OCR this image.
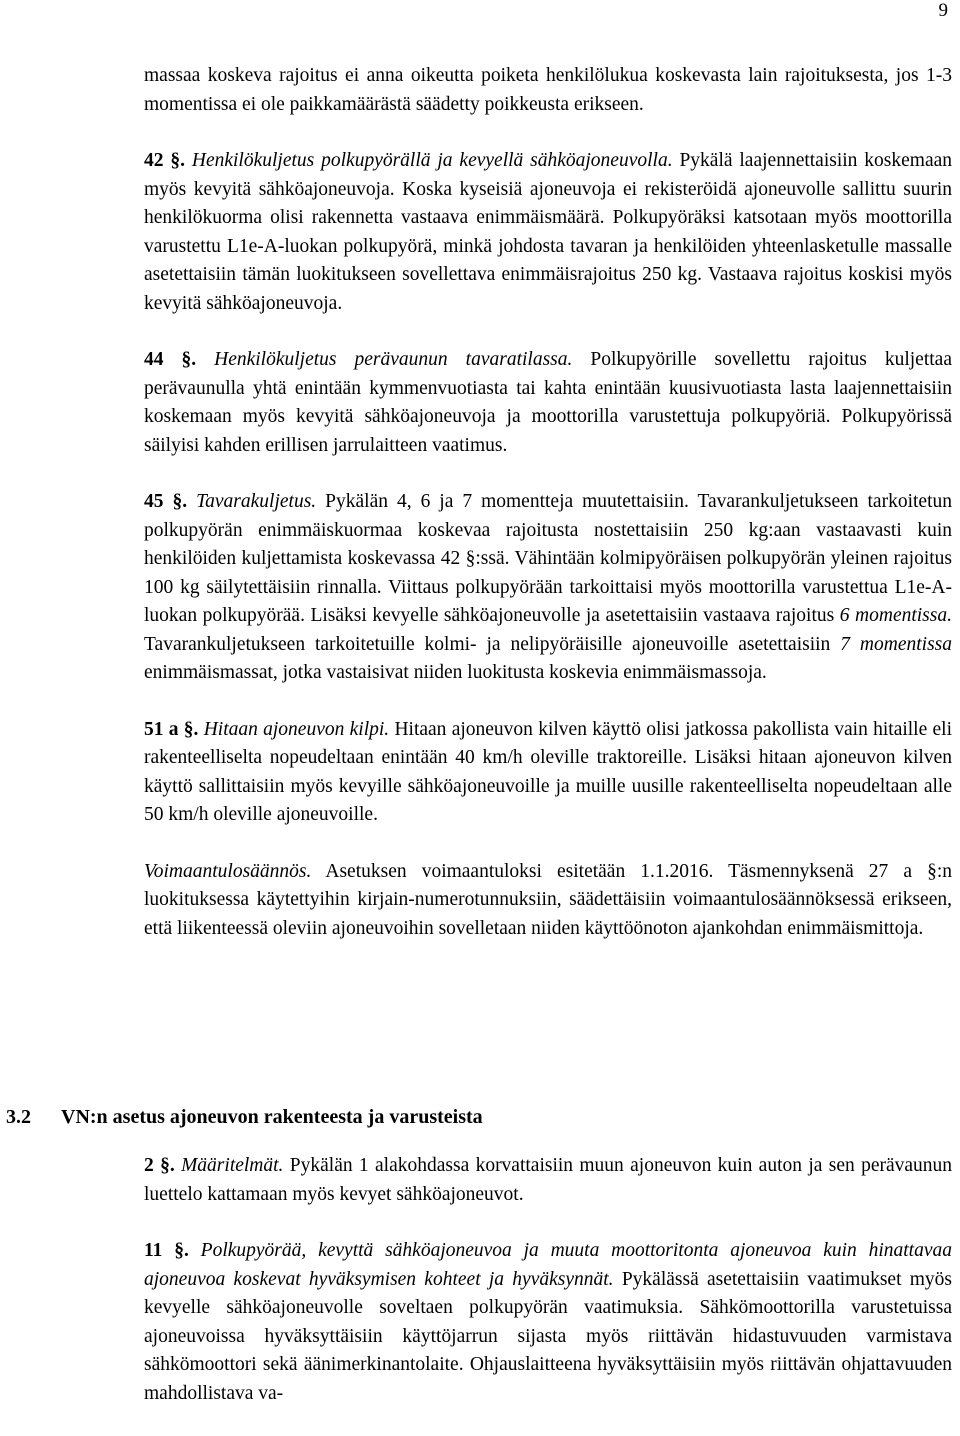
9

massaa koskeva rajoitus ei anna oikeutta poiketa henkilölukua koskevasta lain rajoituksesta, jos 1-3 momentissa ei ole paikkamäärästä säädetty poikkeusta erikseen.

42 §. Henkilökuljetus polkupyörällä ja kevyellä sähköajoneuvolla. Pykälä laajennettaisiin koskemaan myös kevyitä sähköajoneuvoja. Koska kyseisiä ajoneuvoja ei rekisteröidä ajoneuvolle sallittu suurin henkilökuorma olisi rakennetta vastaava enimmäismäärä. Polkupyöräksi katsotaan myös moottorilla varustettu L1e-A-luokan polkupyörä, minkä johdosta tavaran ja henkilöiden yhteenlasketulle massalle asetettaisiin tämän luokitukseen sovellettava enimmäisrajoitus 250 kg. Vastaava rajoitus koskisi myös kevyitä sähköajoneuvoja.

44 §. Henkilökuljetus perävaunun tavaratilassa. Polkupyörille sovellettu rajoitus kuljettaa perävaunulla yhtä enintään kymmenvuotiasta tai kahta enintään kuusivuotiasta lasta laajennettaisiin koskemaan myös kevyitä sähköajoneuvoja ja moottorilla varustettuja polkupyöriä. Polkupyörissä säilyisi kahden erillisen jarrulaitteen vaatimus.

45 §. Tavarakuljetus. Pykälän 4, 6 ja 7 momentteja muutettaisiin. Tavarankuljetukseen tarkoitetun polkupyörän enimmäiskuormaa koskevaa rajoitusta nostettaisiin 250 kg:aan vastaavasti kuin henkilöiden kuljettamista koskevassa 42 §:ssä. Vähintään kolmipyöräisen polkupyörän yleinen rajoitus 100 kg säilytettäisiin rinnalla. Viittaus polkupyörään tarkoittaisi myös moottorilla varustettua L1e-A-luokan polkupyörää. Lisäksi kevyelle sähköajoneuvolle ja asetettaisiin vastaava rajoitus 6 momentissa. Tavarankuljetukseen tarkoitetuille kolmi- ja nelipyöräisille ajoneuvoille asetettaisiin 7 momentissa enimmäismassat, jotka vastaisivat niiden luokitusta koskevia enimmäismassoja.

51 a §. Hitaan ajoneuvon kilpi. Hitaan ajoneuvon kilven käyttö olisi jatkossa pakollista vain hitaille eli rakenteelliselta nopeudeltaan enintään 40 km/h oleville traktoreille. Lisäksi hitaan ajoneuvon kilven käyttö sallittaisiin myös kevyille sähköajoneuvoille ja muille uusille rakenteelliselta nopeudeltaan alle 50 km/h oleville ajoneuvoille.

Voimaantulosäännös. Asetuksen voimaantuloksi esitetään 1.1.2016. Täsmennyksenä 27 a §:n luokituksessa käytettyihin kirjain-numerotunnuksiin, säädettäisiin voimaantulosäännöksessä erikseen, että liikenteessä oleviin ajoneuvoihin sovelletaan niiden käyttöönoton ajankohdan enimmäismittoja.

3.2 VN:n asetus ajoneuvon rakenteesta ja varusteista

2 §. Määritelmät. Pykälän 1 alakohdassa korvattaisiin muun ajoneuvon kuin auton ja sen perävaunun luettelo kattamaan myös kevyet sähköajoneuvot.

11 §. Polkupyörää, kevyttä sähköajoneuvoa ja muuta moottoritonta ajoneuvoa kuin hinattavaa ajoneuvoa koskevat hyväksymisen kohteet ja hyväksynnät. Pykälässä asetettaisiin vaatimukset myös kevyelle sähköajoneuvolle soveltaen polkupyörän vaatimuksia. Sähkömoottorilla varustetuissa ajoneuvoissa hyväksyttäisiin käyttöjarrun sijasta myös riittävän hidastuvuuden varmistava sähkömoottori sekä äänimerkinantolaite. Ohjauslaitteena hyväksyttäisiin myös riittävän ohjattavuuden mahdollistava va-
